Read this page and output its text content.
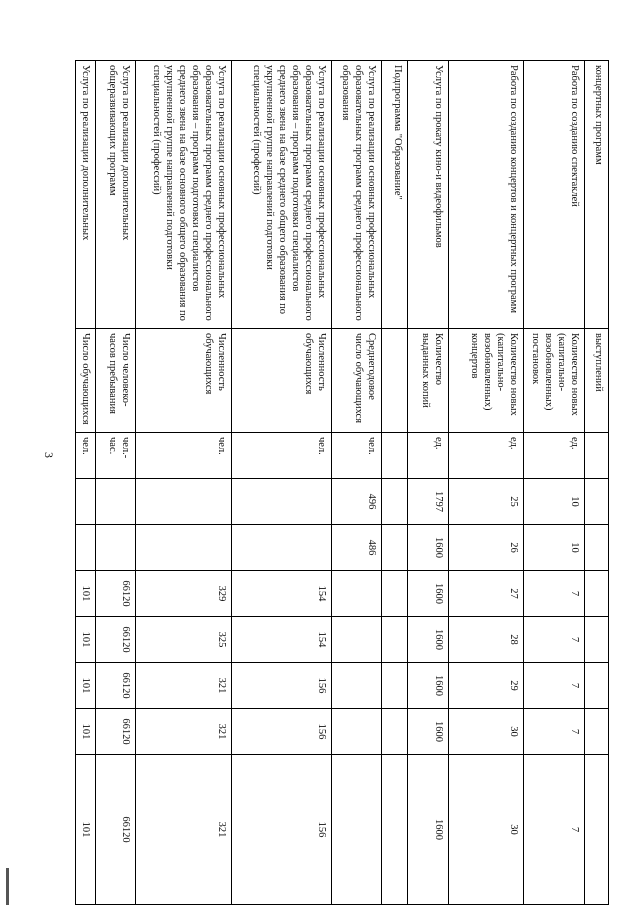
3
концертных программ	выступлений									
Работа по созданию спектаклей	Количество новых (капитально-возобновленных) постановок	ед.	10	10	7	7	7	7	7	
Работа по созданию концертов и концертных программ	Количество новых (капитально-возобновленных) концертов	ед.	25	26	27	28	29	30	30	
Услуга по прокату кино-и видеофильмов	Количество выданных копий	ед.	1797	1600	1600	1600	1600	1600	1600	
Подпрограмма "Образование"										
Услуга по реализации основных профессиональных образовательных программ среднего профессионального образования	Среднегодовое число обучающихся	чел.	496	486						
Услуга по реализации основных профессиональных образовательных программ среднего профессионального образования – программ подготовки специалистов среднего звена на базе среднего общего образования по укрупненной группе направлений подготовки специальностей (профессий)	Численность обучающихся	чел.			154	154	156	156	156	
Услуга по реализации основных профессиональных образовательных программ среднего профессионального образования – программ подготовки специалистов среднего звена на базе основного общего образования по укрупненной группе направлений подготовки специальностей (профессий)	Численность обучающихся	чел.			329	325	321	321	321	
Услуга по реализации дополнительных общеразвивающих программ	Число человеко-часов пребывания	чел.-час.			66120	66120	66120	66120	66120	
Услуга по реализации дополнительных	Число обучающихся	чел.			101	101	101	101	101	
